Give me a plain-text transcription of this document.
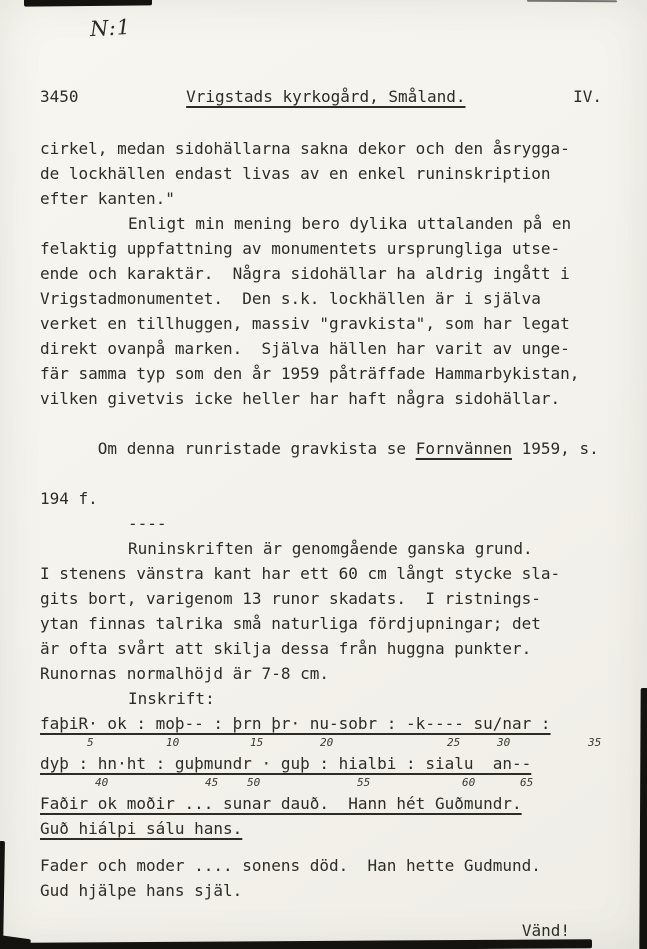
N:1
3450	Vrigstads kyrkogård, Småland.	IV.
cirkel, medan sidohällarna sakna dekor och den åsrygga-
de lockhällen endast livas av en enkel runinskription
efter kanten."
Enligt min mening bero dylika uttalanden på en
felaktig uppfattning av monumentets ursprungliga utse-
ende och karaktär.  Några sidohällar ha aldrig ingått i
Vrigstadmonumentet.  Den s.k. lockhällen är i själva
verket en tillhuggen, massiv "gravkista", som har legat
direkt ovanpå marken.  Själva hällen har varit av unge-
fär samma typ som den år 1959 påträffade Hammarbykistan,
vilken givetvis icke heller har haft några sidohällar.

Om denna runristade gravkista se Fornvännen 1959, s.

194 f.
----
Runinskriften är genomgående ganska grund.
I stenens vänstra kant har ett 60 cm långt stycke sla-
gits bort, varigenom 13 runor skadats.  I ristnings-
ytan finnas talrika små naturliga fördjupningar; det
är ofta svårt att skilja dessa från huggna punkter.
Runornas normalhöjd är 7-8 cm.
Inskrift:
faþiR· ok : moþ-- : þrn þr· nu-sobr : -k---- su/nar :
5	10	15	20	25	30	35
dyþ : hn·ht : guþmundr · guþ : hialbi : sialu  an--
40	45	50	55	60	65
Faðir ok moðir ... sunar dauð.  Hann hét Guðmundr.
Guð hiálpi sálu hans.
Fader och moder .... sonens död.  Han hette Gudmund.
Gud hjälpe hans själ.
Vänd!
